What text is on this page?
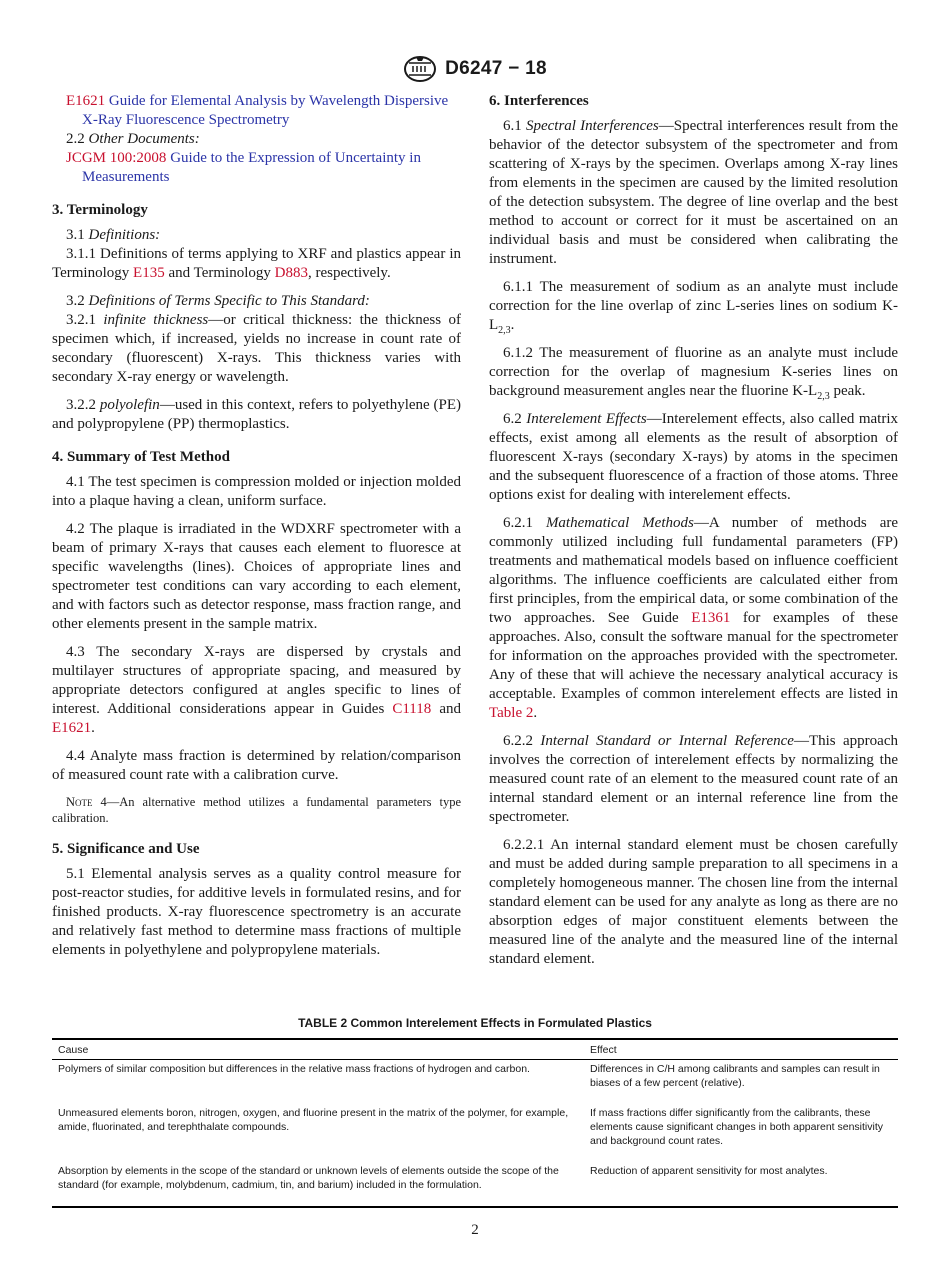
D6247 − 18
E1621 Guide for Elemental Analysis by Wavelength Dispersive X-Ray Fluorescence Spectrometry

2.2 Other Documents:

JCGM 100:2008 Guide to the Expression of Uncertainty in Measurements
3. Terminology

3.1 Definitions:

3.1.1 Definitions of terms applying to XRF and plastics appear in Terminology E135 and Terminology D883, respectively.

3.2 Definitions of Terms Specific to This Standard:

3.2.1 infinite thickness—or critical thickness: the thickness of specimen which, if increased, yields no increase in count rate of secondary (fluorescent) X-rays. This thickness varies with secondary X-ray energy or wavelength.

3.2.2 polyolefin—used in this context, refers to polyethylene (PE) and polypropylene (PP) thermoplastics.

4. Summary of Test Method

4.1 The test specimen is compression molded or injection molded into a plaque having a clean, uniform surface.

4.2 The plaque is irradiated in the WDXRF spectrometer with a beam of primary X-rays that causes each element to fluoresce at specific wavelengths (lines). Choices of appropriate lines and spectrometer test conditions can vary according to each element, and with factors such as detector response, mass fraction range, and other elements present in the sample matrix.

4.3 The secondary X-rays are dispersed by crystals and multilayer structures of appropriate spacing, and measured by appropriate detectors configured at angles specific to lines of interest. Additional considerations appear in Guides C1118 and E1621.

4.4 Analyte mass fraction is determined by relation/comparison of measured count rate with a calibration curve.

Note 4—An alternative method utilizes a fundamental parameters type calibration.
5. Significance and Use

5.1 Elemental analysis serves as a quality control measure for post-reactor studies, for additive levels in formulated resins, and for finished products. X-ray fluorescence spectrometry is an accurate and relatively fast method to determine mass fractions of multiple elements in polyethylene and polypropylene materials.

6. Interferences

6.1 Spectral Interferences—Spectral interferences result from the behavior of the detector subsystem of the spectrometer and from scattering of X-rays by the specimen. Overlaps among X-ray lines from elements in the specimen are caused by the limited resolution of the detection subsystem. The degree of line overlap and the best method to account or correct for it must be ascertained on an individual basis and must be considered when calibrating the instrument.

6.1.1 The measurement of sodium as an analyte must include correction for the line overlap of zinc L-series lines on sodium $K-L_{2,3}$.

6.1.2 The measurement of fluorine as an analyte must include correction for the overlap of magnesium K-series lines on background measurement angles near the fluorine $K-L_{2,3}$ peak.

6.2 Interelement Effects—Interelement effects, also called matrix effects, exist among all elements as the result of absorption of fluorescent X-rays (secondary X-rays) by atoms in the specimen and the subsequent fluorescence of a fraction of those atoms. Three options exist for dealing with interelement effects.

6.2.1 Mathematical Methods—A number of methods are commonly utilized including full fundamental parameters (FP) treatments and mathematical models based on influence coefficient algorithms. The influence coefficients are calculated either from first principles, from the empirical data, or some combination of the two approaches. See Guide E1361 for examples of these approaches. Also, consult the software manual for the spectrometer for information on the approaches provided with the spectrometer. Any of these that will achieve the necessary analytical accuracy is acceptable. Examples of common interelement effects are listed in Table 2.

6.2.2 Internal Standard or Internal Reference—This approach involves the correction of interelement effects by normalizing the measured count rate of an element to the measured count rate of an internal standard element or an internal reference line from the spectrometer.

6.2.2.1 An internal standard element must be chosen carefully and must be added during sample preparation to all specimens in a completely homogeneous manner. The chosen line from the internal standard element can be used for any analyte as long as there are no absorption edges of major constituent elements between the measured line of the analyte and the measured line of the internal standard element.

TABLE 2 Common Interelement Effects in Formulated Plastics
Cause	Effect
Polymers of similar composition but differences in the relative mass fractions of hydrogen and carbon.	Differences in C/H among calibrants and samples can result in biases of a few percent (relative).
Unmeasured elements boron, nitrogen, oxygen, and fluorine present in the matrix of the polymer, for example, amide, fluorinated, and terephthalate compounds.	If mass fractions differ significantly from the calibrants, these elements cause significant changes in both apparent sensitivity and background count rates.
Absorption by elements in the scope of the standard or unknown levels of elements outside the scope of the standard (for example, molybdenum, cadmium, tin, and barium) included in the formulation.	Reduction of apparent sensitivity for most analytes.
2
